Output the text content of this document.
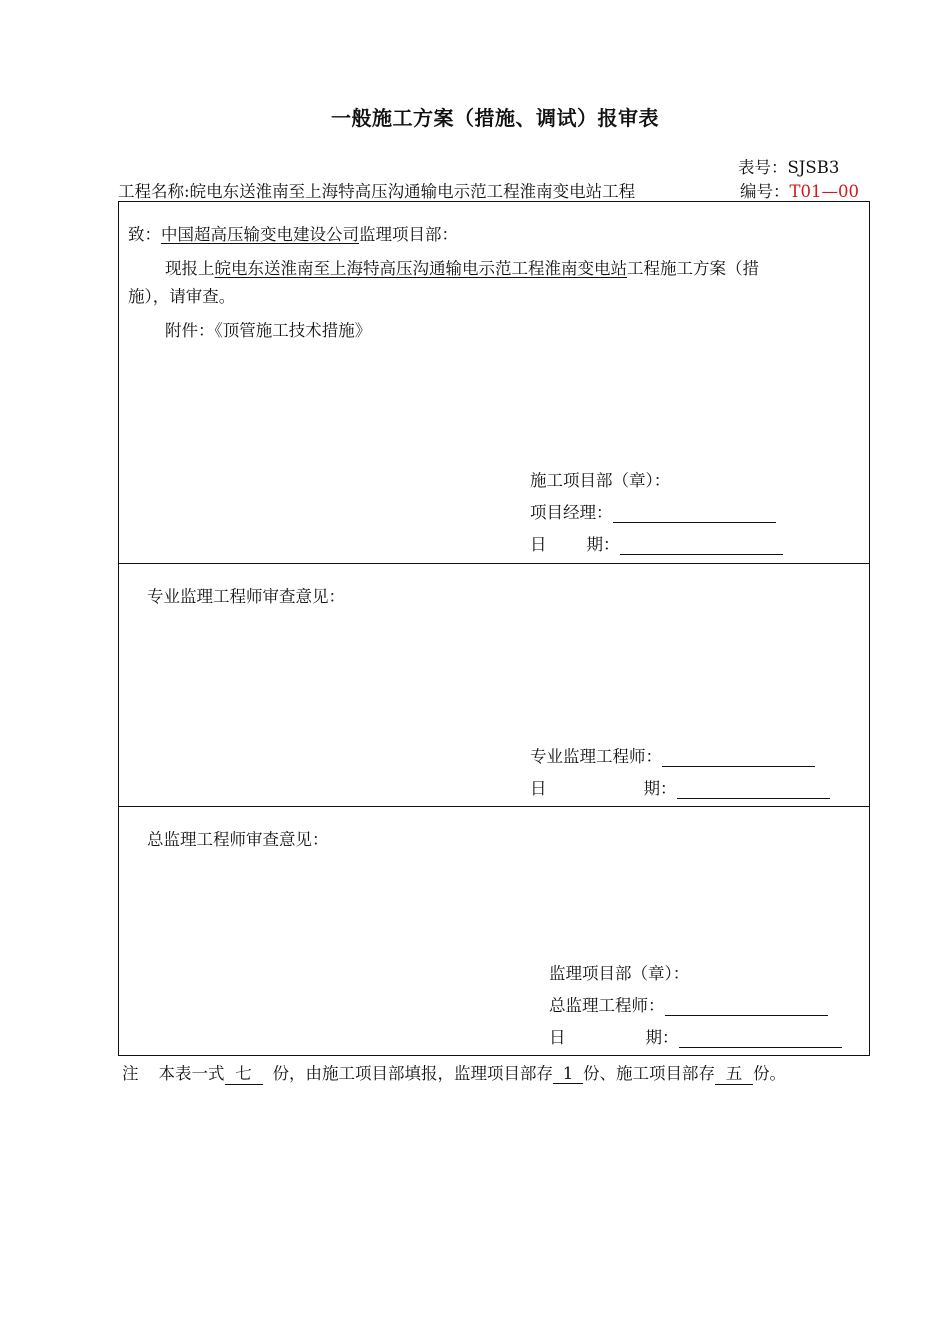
一般施工方案（措施、调试）报审表
表号：SJSB3
工程名称:皖电东送淮南至上海特高压沟通输电示范工程淮南变电站工程	编号：T01—00
致：中国超高压输变电建设公司监理项目部：
现报上皖电东送淮南至上海特高压沟通输电示范工程淮南变电站工程施工方案（措
施），请审查。
附件：《顶管施工技术措施》
施工项目部（章）：
项目经理：
日 期：
专业监理工程师审查意见：
专业监理工程师：
日	期：
总监理工程师审查意见：
监理项目部（章）：
总监理工程师：
日	期：
注 本表一式 七 份，由施工项目部填报，监理项目部存 1 份、施工项目部存 五 份。
